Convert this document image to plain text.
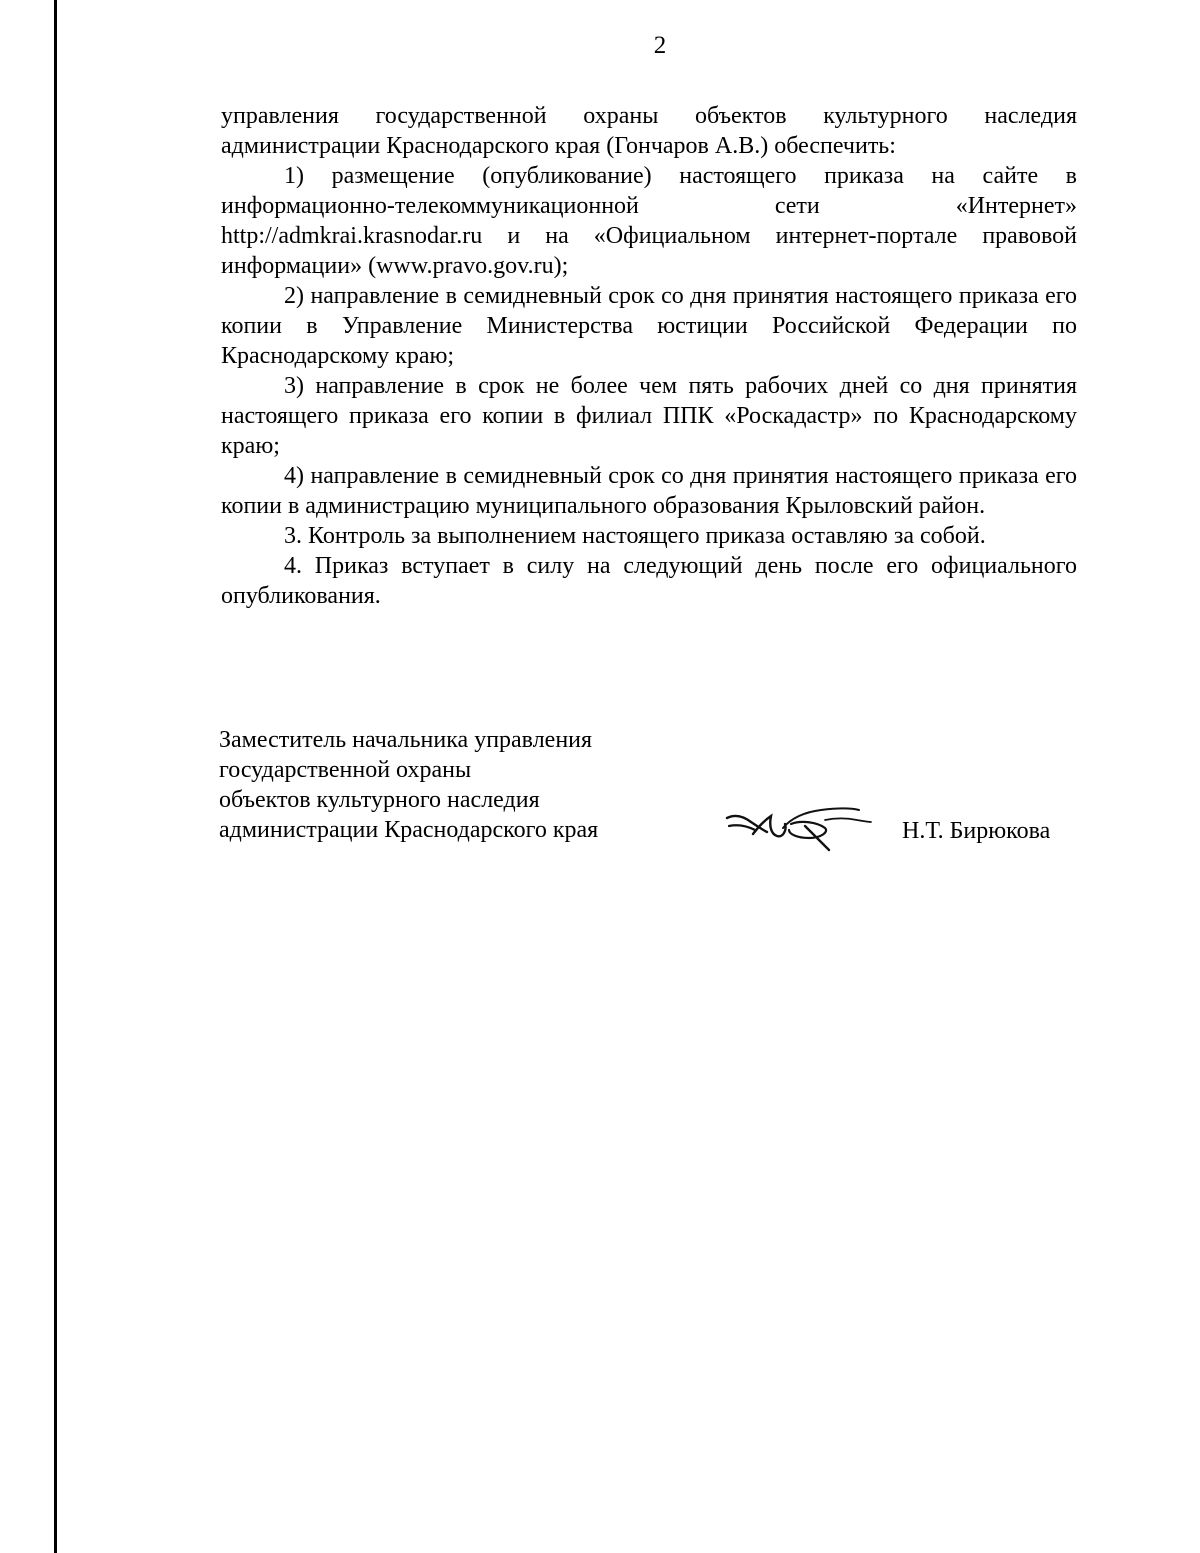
2

управления государственной охраны объектов культурного наследия администрации Краснодарского края (Гончаров А.В.) обеспечить:

1) размещение (опубликование) настоящего приказа на сайте в информационно-телекоммуникационной сети «Интернет» http://admkrai.krasnodar.ru и на «Официальном интернет-портале правовой информации» (www.pravo.gov.ru);

2) направление в семидневный срок со дня принятия настоящего приказа его копии в Управление Министерства юстиции Российской Федерации по Краснодарскому краю;

3) направление в срок не более чем пять рабочих дней со дня принятия настоящего приказа его копии в филиал ППК «Роскадастр» по Краснодарскому краю;

4) направление в семидневный срок со дня принятия настоящего приказа его копии в администрацию муниципального образования Крыловский район.

3. Контроль за выполнением настоящего приказа оставляю за собой.

4. Приказ вступает в силу на следующий день после его официального опубликования.

Заместитель начальника управления
государственной охраны
объектов культурного наследия
администрации Краснодарского края	Н.Т. Бирюкова
